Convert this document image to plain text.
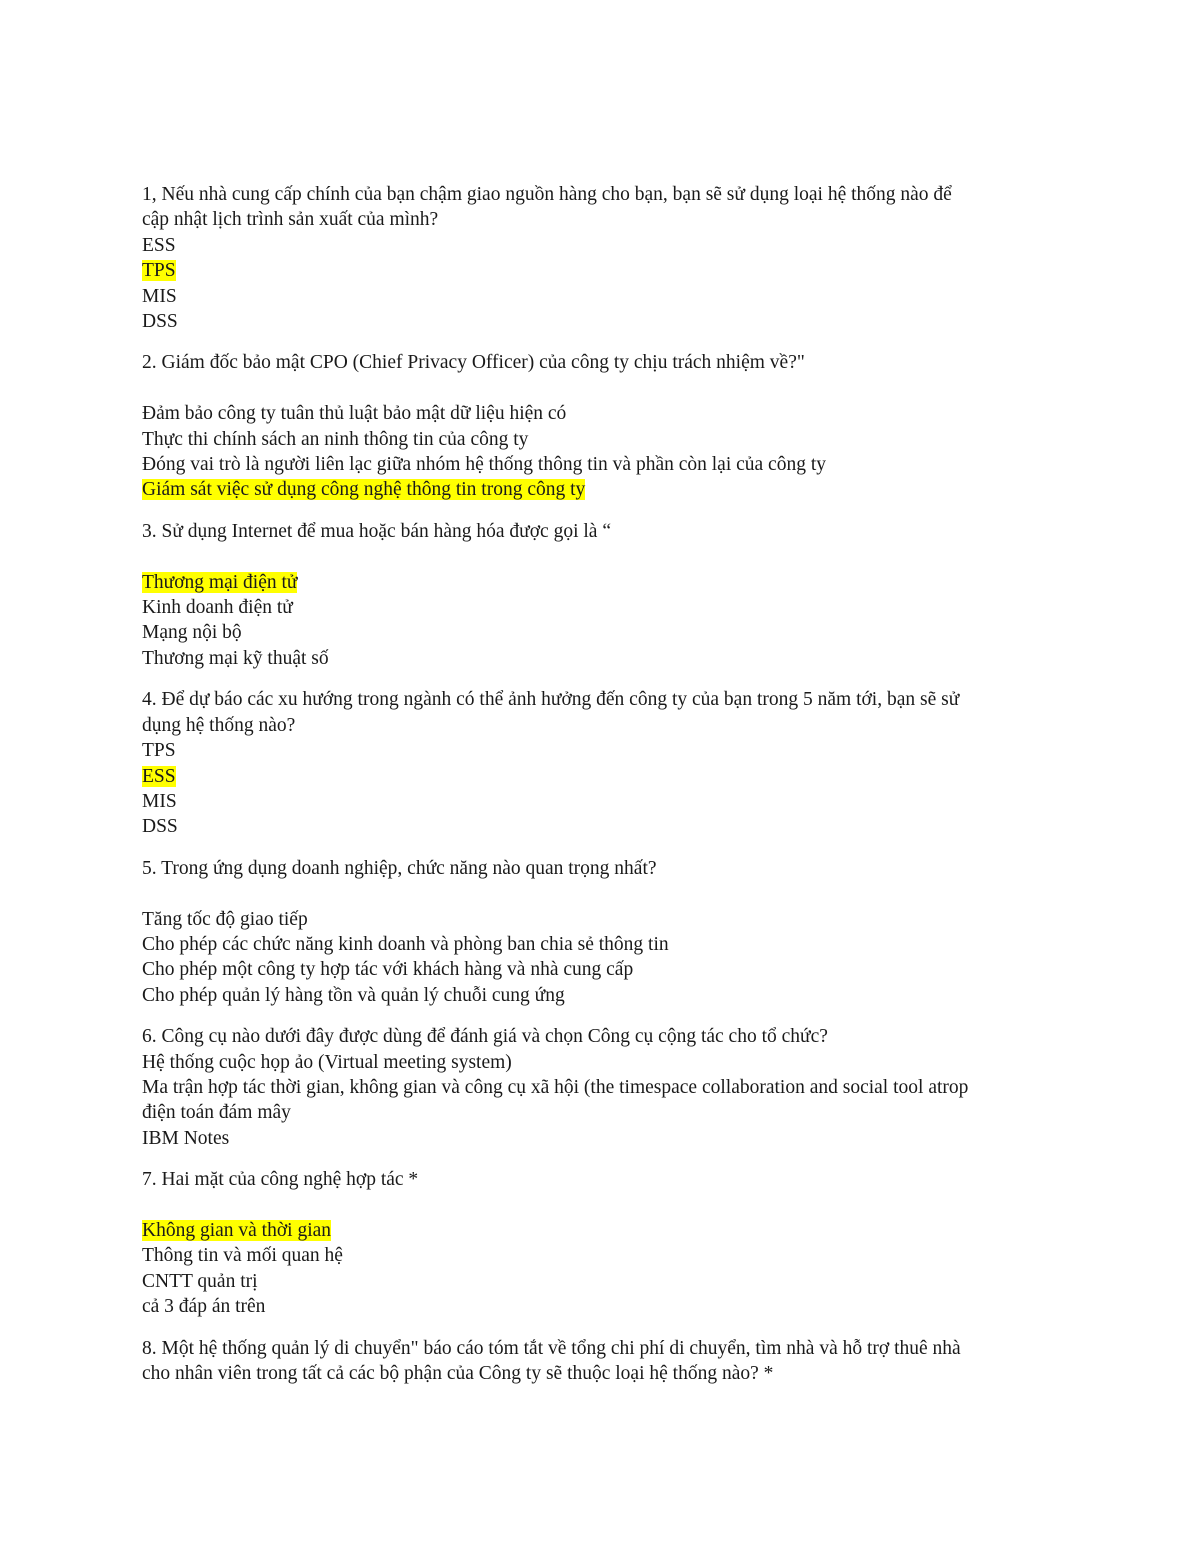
1, Nếu nhà cung cấp chính của bạn chậm giao nguồn hàng cho bạn, bạn sẽ sử dụng loại hệ thống nào để
cập nhật lịch trình sản xuất của mình?
ESS
TPS
MIS
DSS
2. Giám đốc bảo mật CPO (Chief Privacy Officer) của công ty chịu trách nhiệm về?"
Đảm bảo công ty tuân thủ luật bảo mật dữ liệu hiện có
Thực thi chính sách an ninh thông tin của công ty
Đóng vai trò là người liên lạc giữa nhóm hệ thống thông tin và phần còn lại của công ty
Giám sát việc sử dụng công nghệ thông tin trong công ty
3. Sử dụng Internet để mua hoặc bán hàng hóa được gọi là “
Thương mại điện tử
Kinh doanh điện tử
Mạng nội bộ
Thương mại kỹ thuật số
4. Để dự báo các xu hướng trong ngành có thể ảnh hưởng đến công ty của bạn trong 5 năm tới, bạn sẽ sử
dụng hệ thống nào?
TPS
ESS
MIS
DSS
5. Trong ứng dụng doanh nghiệp, chức năng nào quan trọng nhất?
Tăng tốc độ giao tiếp
Cho phép các chức năng kinh doanh và phòng ban chia sẻ thông tin
Cho phép một công ty hợp tác với khách hàng và nhà cung cấp
Cho phép quản lý hàng tồn và quản lý chuỗi cung ứng
6. Công cụ nào dưới đây được dùng để đánh giá và chọn Công cụ cộng tác cho tổ chức?
Hệ thống cuộc họp ảo (Virtual meeting system)
Ma trận hợp tác thời gian, không gian và công cụ xã hội (the timespace collaboration and social tool atrop
điện toán đám mây
IBM Notes
7. Hai mặt của công nghệ hợp tác *
Không gian và thời gian
Thông tin và mối quan hệ
CNTT quản trị
cả 3 đáp án trên
8. Một hệ thống quản lý di chuyển" báo cáo tóm tắt về tổng chi phí di chuyển, tìm nhà và hỗ trợ thuê nhà
cho nhân viên trong tất cả các bộ phận của Công ty sẽ thuộc loại hệ thống nào? *
